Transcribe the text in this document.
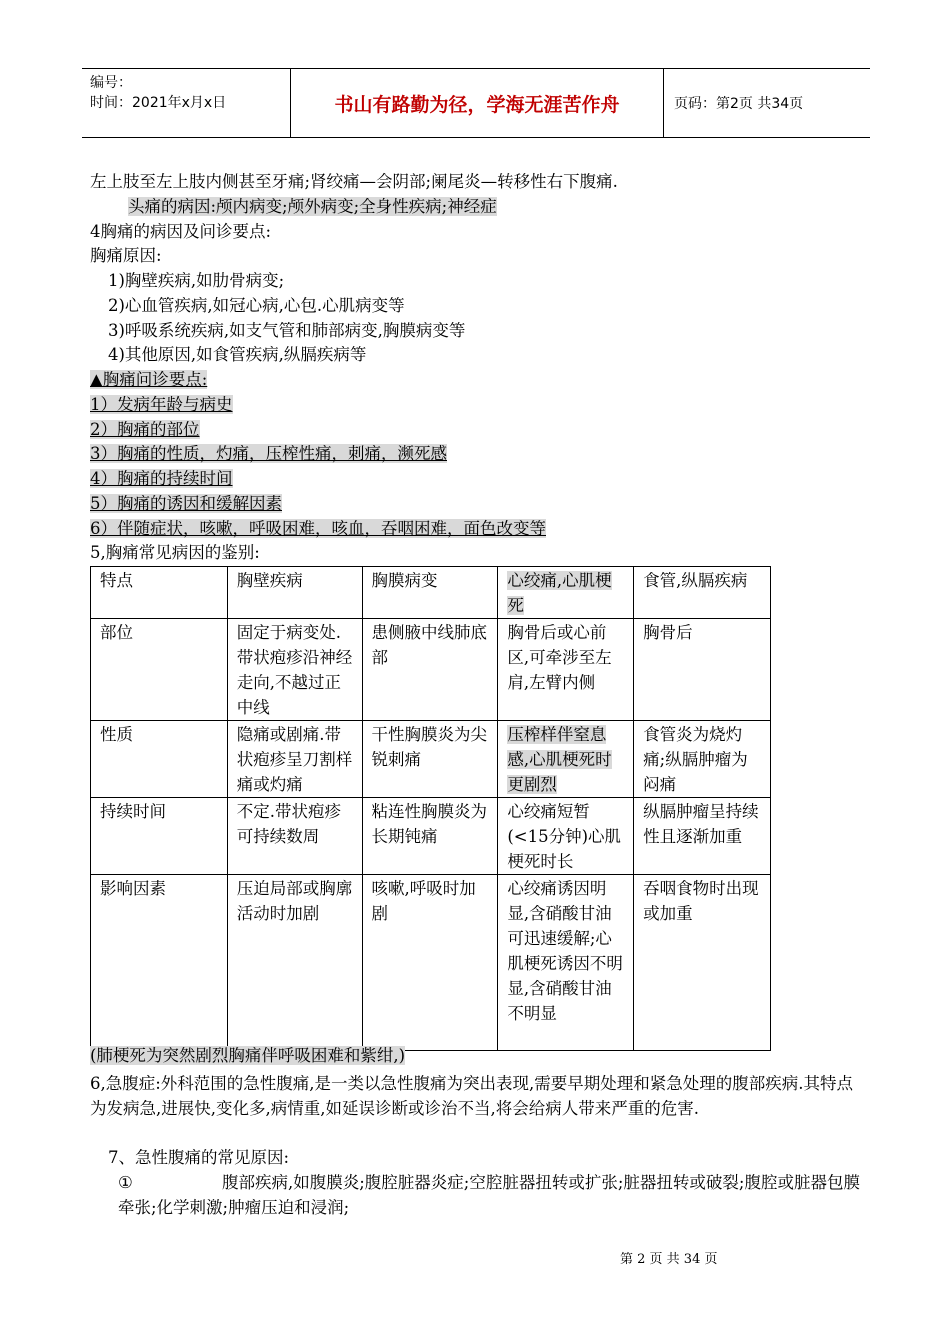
编号：
时间：2021年x月x日	书山有路勤为径，学海无涯苦作舟	页码：第2页 共34页
左上肢至左上肢内侧甚至牙痛;肾绞痛—会阴部;阑尾炎—转移性右下腹痛.
头痛的病因:颅内病变;颅外病变;全身性疾病;神经症
4胸痛的病因及问诊要点:
胸痛原因:
1)胸壁疾病,如肋骨病变;
2)心血管疾病,如冠心病,心包.心肌病变等
3)呼吸系统疾病,如支气管和肺部病变,胸膜病变等
4)其他原因,如食管疾病,纵膈疾病等
▲胸痛问诊要点:
1）发病年龄与病史
2）胸痛的部位
3）胸痛的性质，灼痛，压榨性痛，刺痛，濒死感
4）胸痛的持续时间
5）胸痛的诱因和缓解因素
6）伴随症状，咳嗽，呼吸困难，咳血，吞咽困难，面色改变等
5,胸痛常见病因的鉴别:
特点	胸壁疾病	胸膜病变	心绞痛,心肌梗死	食管,纵膈疾病
部位	固定于病变处.带状疱疹沿神经走向,不越过正中线	患侧腋中线肺底部	胸骨后或心前区,可牵涉至左肩,左臂内侧	胸骨后
性质	隐痛或剧痛.带状疱疹呈刀割样痛或灼痛	干性胸膜炎为尖锐刺痛	压榨样伴窒息感,心肌梗死时更剧烈	食管炎为烧灼痛;纵膈肿瘤为闷痛
持续时间	不定.带状疱疹可持续数周	粘连性胸膜炎为长期钝痛	心绞痛短暂(<15分钟)心肌梗死时长	纵膈肿瘤呈持续性且逐渐加重
影响因素	压迫局部或胸廓活动时加剧	咳嗽,呼吸时加剧	心绞痛诱因明显,含硝酸甘油可迅速缓解;心肌梗死诱因不明显,含硝酸甘油不明显	吞咽食物时出现或加重
(肺梗死为突然剧烈胸痛伴呼吸困难和紫绀,)
6,急腹症:外科范围的急性腹痛,是一类以急性腹痛为突出表现,需要早期处理和紧急处理的腹部疾病.其特点为发病急,进展快,变化多,病情重,如延误诊断或诊治不当,将会给病人带来严重的危害.
7、急性腹痛的常见原因:
①	腹部疾病,如腹膜炎;腹腔脏器炎症;空腔脏器扭转或扩张;脏器扭转或破裂;腹腔或脏器包膜牵张;化学刺激;肿瘤压迫和浸润;
第 2 页 共 34 页
